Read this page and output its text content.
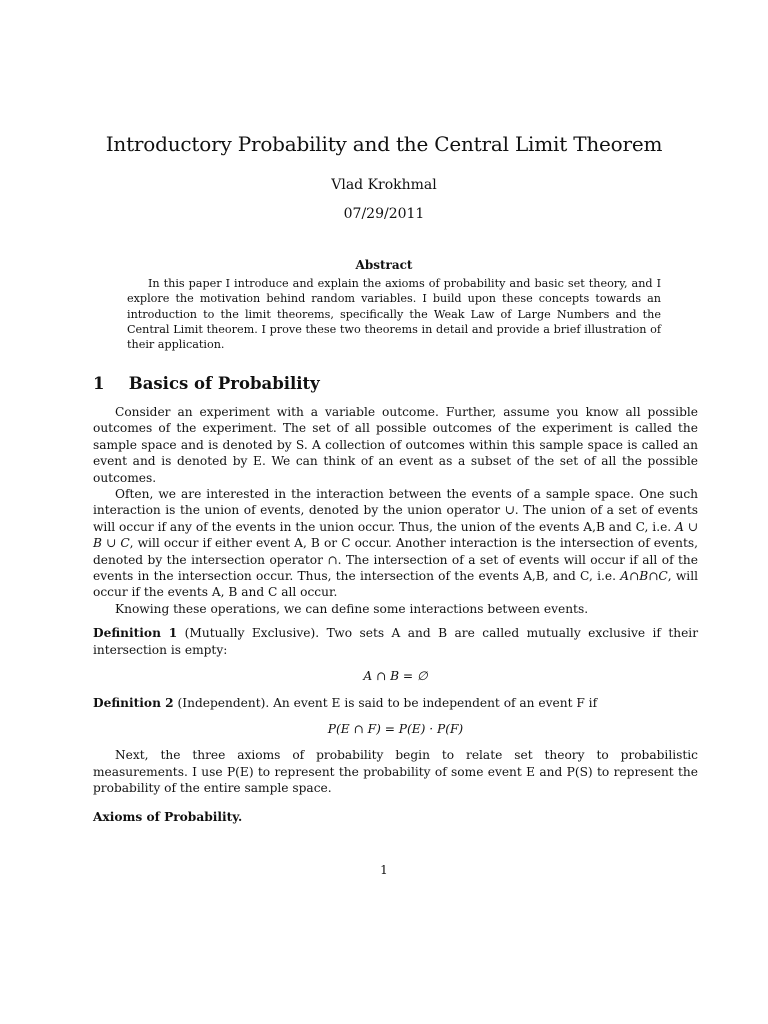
Introductory Probability and the Central Limit Theorem
Vlad Krokhmal
07/29/2011
Abstract

In this paper I introduce and explain the axioms of probability and basic set theory, and I explore the motivation behind random variables. I build upon these concepts towards an introduction to the limit theorems, specifically the Weak Law of Large Numbers and the Central Limit theorem. I prove these two theorems in detail and provide a brief illustration of their application.

1 Basics of Probability

Consider an experiment with a variable outcome. Further, assume you know all possible outcomes of the experiment. The set of all possible outcomes of the experiment is called the sample space and is denoted by S. A collection of outcomes within this sample space is called an event and is denoted by E. We can think of an event as a subset of the set of all the possible outcomes.

Often, we are interested in the interaction between the events of a sample space. One such interaction is the union of events, denoted by the union operator ∪. The union of a set of events will occur if any of the events in the union occur. Thus, the union of the events A,B and C, i.e. A ∪ B ∪ C, will occur if either event A, B or C occur. Another interaction is the intersection of events, denoted by the intersection operator ∩. The intersection of a set of events will occur if all of the events in the intersection occur. Thus, the intersection of the events A,B, and C, i.e. A∩B∩C, will occur if the events A, B and C all occur.

Knowing these operations, we can define some interactions between events.

Definition 1 (Mutually Exclusive). Two sets A and B are called mutually exclusive if their intersection is empty:

A ∩ B = ∅

Definition 2 (Independent). An event E is said to be independent of an event F if

P(E ∩ F) = P(E) · P(F)

Next, the three axioms of probability begin to relate set theory to probabilistic measurements. I use P(E) to represent the probability of some event E and P(S) to represent the probability of the entire sample space.

Axioms of Probability.

1
